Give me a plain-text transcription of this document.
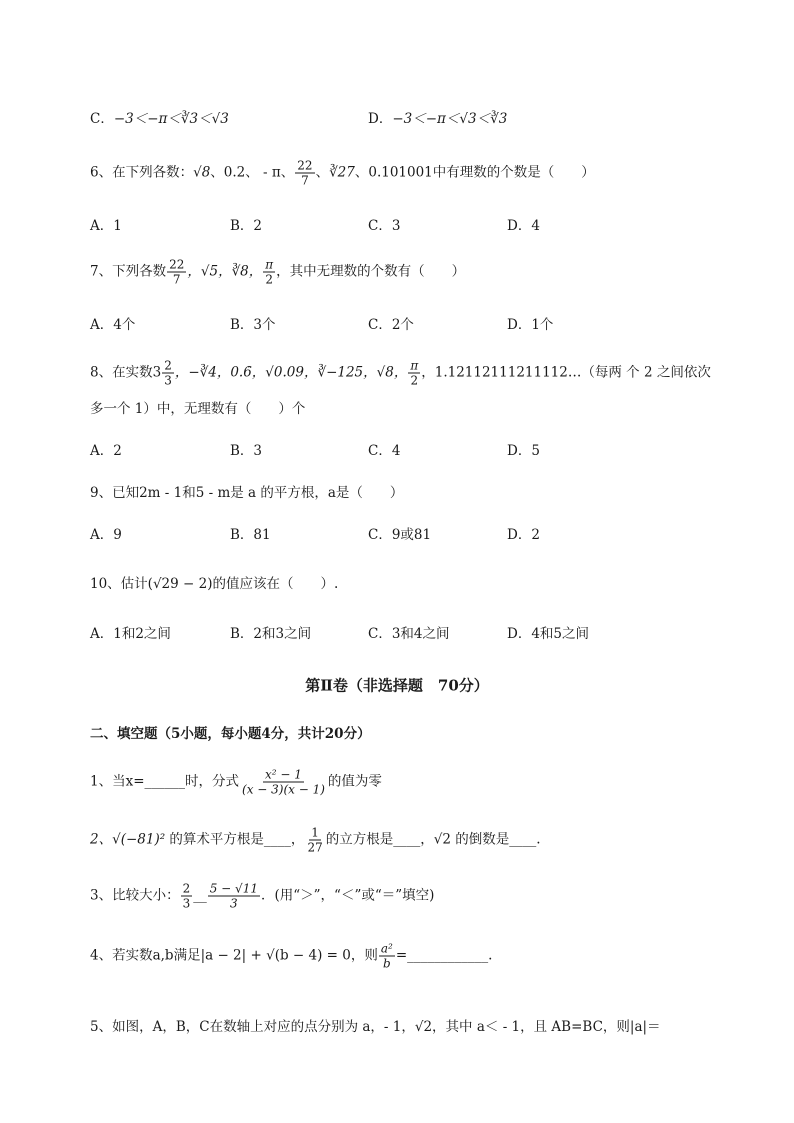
C．−3＜−π＜∛3＜√3	D．−3＜−π＜√3＜∛3
6、在下列各数：√8、0.2、 - π、 $\frac{22}{7}$ 、∛27、0.101001中有理数的个数是（　　）
A．1	B．2	C．3	D．4
7、下列各数 $\frac{22}{7}$ ，√5，∛8， $\frac{\pi}{2}$ ，其中无理数的个数有（　　）
A．4个	B．3个	C．2个	D．1个
8、在实数$3 \frac{2}{3}$ ，−∛4，0.6̇，√0.09，∛−125，√8， $\frac{\pi}{2}$ ，1.12112111211112…（每两 个 2 之间依次
多一个 1）中，无理数有（　　）个
A．2	B．3	C．4	D．5
9、已知2m - 1和5 - m是 a 的平方根，a是（　　）
A．9	B．81	C．9或81	D．2
10、估计(√29 − 2)的值应该在（　　）.
A．1和2之间	B．2和3之间	C．3和4之间	D．4和5之间
第Ⅱ卷（非选择题　70分）
二、填空题（5小题，每小题4分，共计20分）
1、当x=______时，分式 $\frac{\text{x² − 1}}{(x - 3)(x - 1)}$ 的值为零
2、√(−81)² 的算术平方根是____， $\frac{1}{27}$ 的立方根是____，√2 的倒数是____.
3、比较大小： $\frac{2}{3}$ __ $\frac{5 - √11}{3}$ ．(用“＞”，“＜”或“＝”填空)
4、若实数a,b满足|a − 2| + √(b − 4) = 0，则 $\frac{\text{a²}}{b}$ =____________.
5、如图，A，B，C在数轴上对应的点分别为 a，- 1，√2，其中 a＜ - 1，且 AB=BC，则|a|＝
